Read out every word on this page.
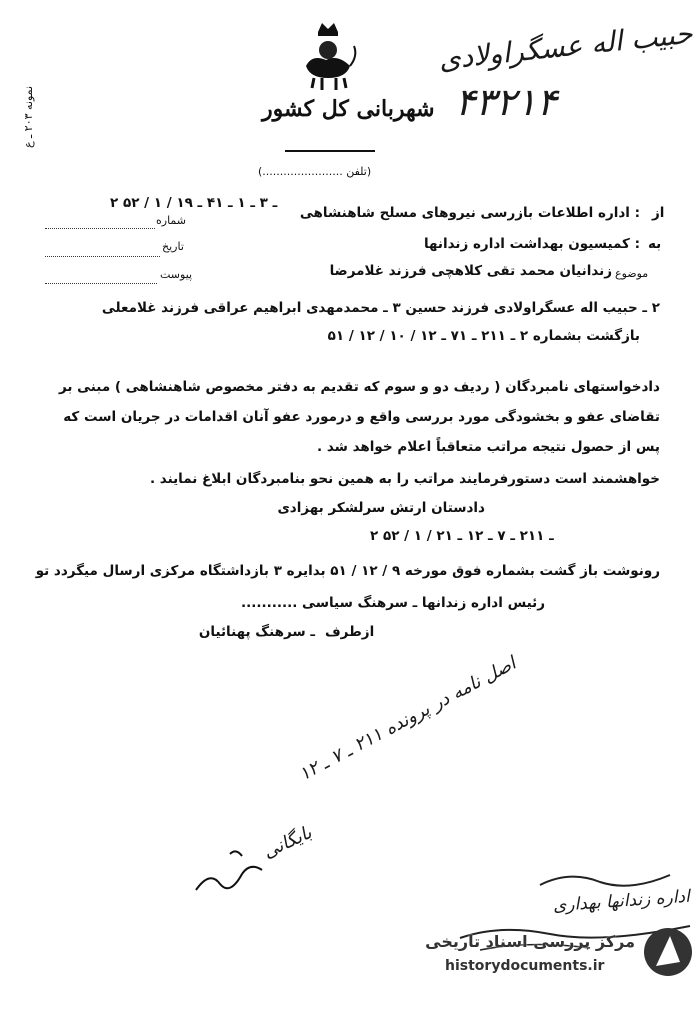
نمونه ۲۰۳ ـ ع	شهربانی کل کشور
(تلفن .......................)
حبیب اله عسگراولادی
۴۳۲۱۴
از
: اداره اطلاعات بازرسی نیروهای مسلح شاهنشاهی
۲ ـ ۳ ـ ۱ ـ ۴۱ ـ ۱۹ / ۱ / ۵۲
شماره
به
: کمیسیون بهداشت اداره زندانها
تاریخ
موضوع
زندانیان محمد تقی کلاهچی فرزند غلامرضا
پیوست
۲ ـ حبیب اله عسگراولادی فرزند حسین ۳ ـ محمدمهدی ابراهیم عراقی فرزند غلامعلی
بازگشت بشماره ۲ ـ ۲۱۱ ـ ۷۱ ـ ۱۲ / ۱۰ / ۱۲ / ۵۱
دادخواستهای نامبردگان ( ردیف دو و سوم که تقدیم به دفتر مخصوص شاهنشاهی ) مبنی بر
تقاضای عفو و بخشودگی مورد بررسی واقع و درمورد عفو آنان اقدامات در جریان است که
پس از حصول نتیجه مراتب متعاقباً اعلام خواهد شد .
خواهشمند است دستورفرمایند مراتب را به همین نحو بنامبردگان ابلاغ نمایند .
دادستان ارتش سرلشکر بهزادی
۲ ـ ۲۱۱ ـ ۷ ـ ۱۲ ـ ۲۱ / ۱ / ۵۲
رونوشت باز گشت بشماره فوق مورخه ۹ / ۱۲ / ۵۱ بدایره ۳ بازداشتگاه مرکزی ارسال میگردد تو
رئیس اداره زندانها ـ سرهنگ سیاسی ...........
ازطرف
ـ سرهنگ پهنائیان
اصل نامه در پرونده ۲۱۱ ـ ۷ ـ ۱۲
بایگانی
اداره زندانها بهداری
مرکز بررسی اسناد تاریخی
historydocuments.ir
